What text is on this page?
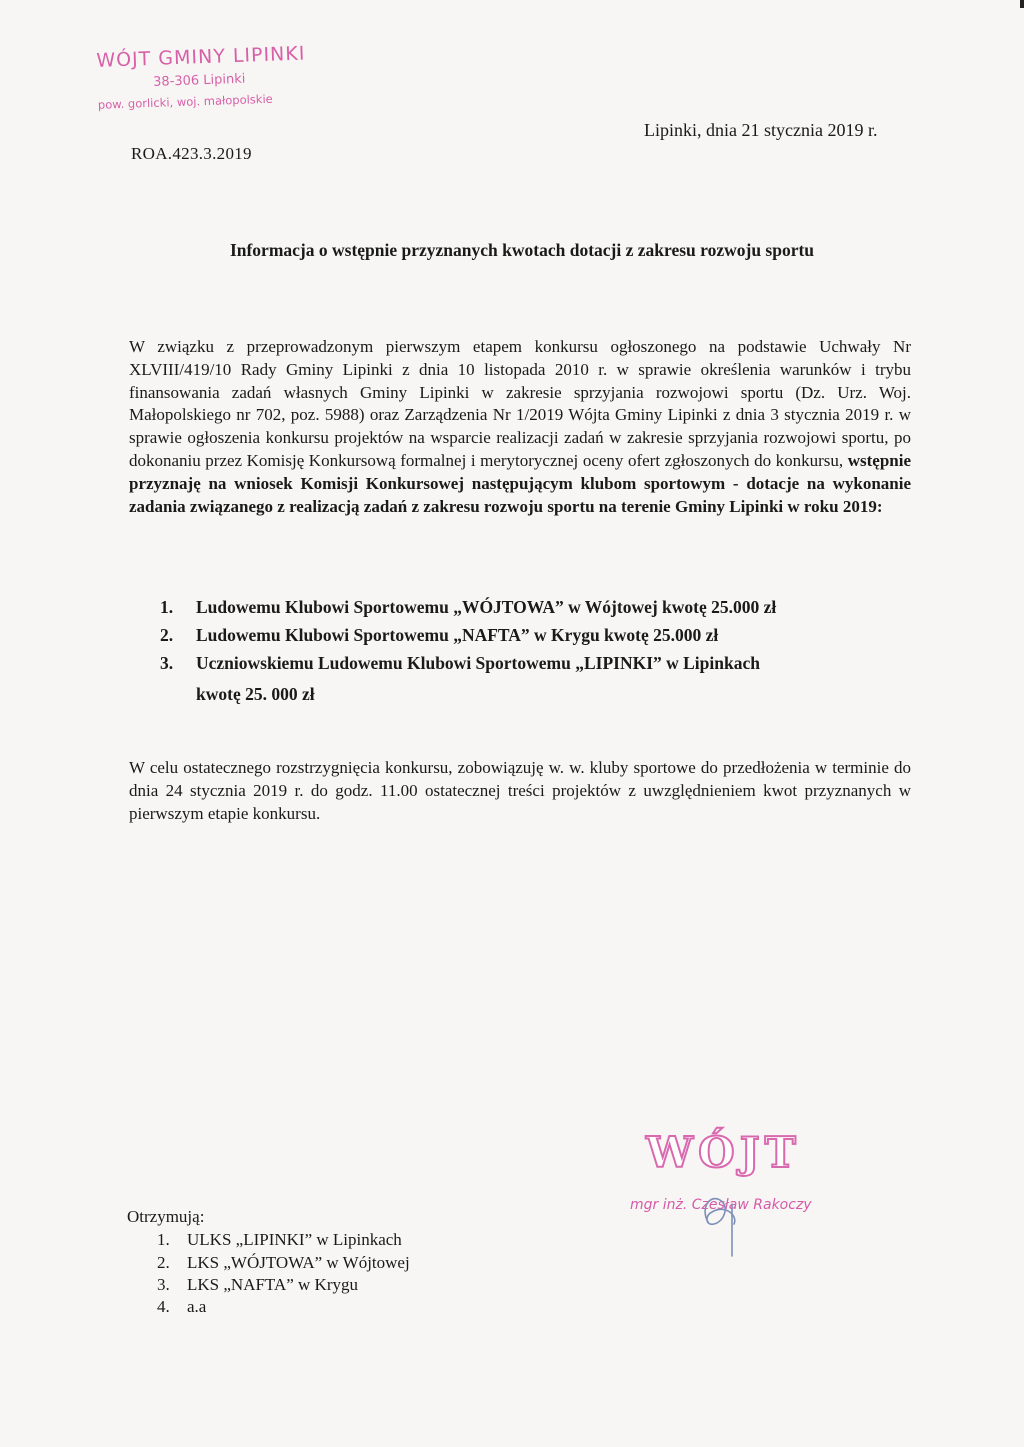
WÓJT GMINY LIPINKI
38-306 Lipinki
pow. gorlicki, woj. małopolskie
ROA.423.3.2019
Lipinki, dnia 21 stycznia 2019 r.
Informacja o wstępnie przyznanych kwotach dotacji z zakresu rozwoju sportu
W związku z przeprowadzonym pierwszym etapem konkursu ogłoszonego na podstawie Uchwały Nr XLVIII/419/10 Rady Gminy Lipinki z dnia 10 listopada 2010 r. w sprawie określenia warunków i trybu finansowania zadań własnych Gminy Lipinki w zakresie sprzyjania rozwojowi sportu (Dz. Urz. Woj. Małopolskiego nr 702, poz. 5988) oraz Zarządzenia Nr 1/2019 Wójta Gminy Lipinki z dnia 3 stycznia 2019 r. w sprawie ogłoszenia konkursu projektów na wsparcie realizacji zadań w zakresie sprzyjania rozwojowi sportu, po dokonaniu przez Komisję Konkursową formalnej i merytorycznej oceny ofert zgłoszonych do konkursu, wstępnie przyznaję na wniosek Komisji Konkursowej następującym klubom sportowym - dotacje na wykonanie zadania związanego z realizacją zadań z zakresu rozwoju sportu na terenie Gminy Lipinki w roku 2019:
1.	Ludowemu Klubowi Sportowemu „WÓJTOWA” w Wójtowej kwotę 25.000 zł
2.	Ludowemu Klubowi Sportowemu „NAFTA” w Krygu kwotę 25.000 zł
3.	Uczniowskiemu Ludowemu Klubowi Sportowemu „LIPINKI” w Lipinkach
kwotę 25. 000 zł
W celu ostatecznego rozstrzygnięcia konkursu, zobowiązuję w. w. kluby sportowe do przedłożenia w terminie do dnia 24 stycznia 2019 r. do godz. 11.00 ostatecznej treści projektów z uwzględnieniem kwot przyznanych w pierwszym etapie konkursu.
WÓJT
mgr inż. Czesław Rakoczy
Otrzymują:
1.	ULKS „LIPINKI” w Lipinkach
2.	LKS „WÓJTOWA” w Wójtowej
3.	LKS „NAFTA” w Krygu
4.	a.a
